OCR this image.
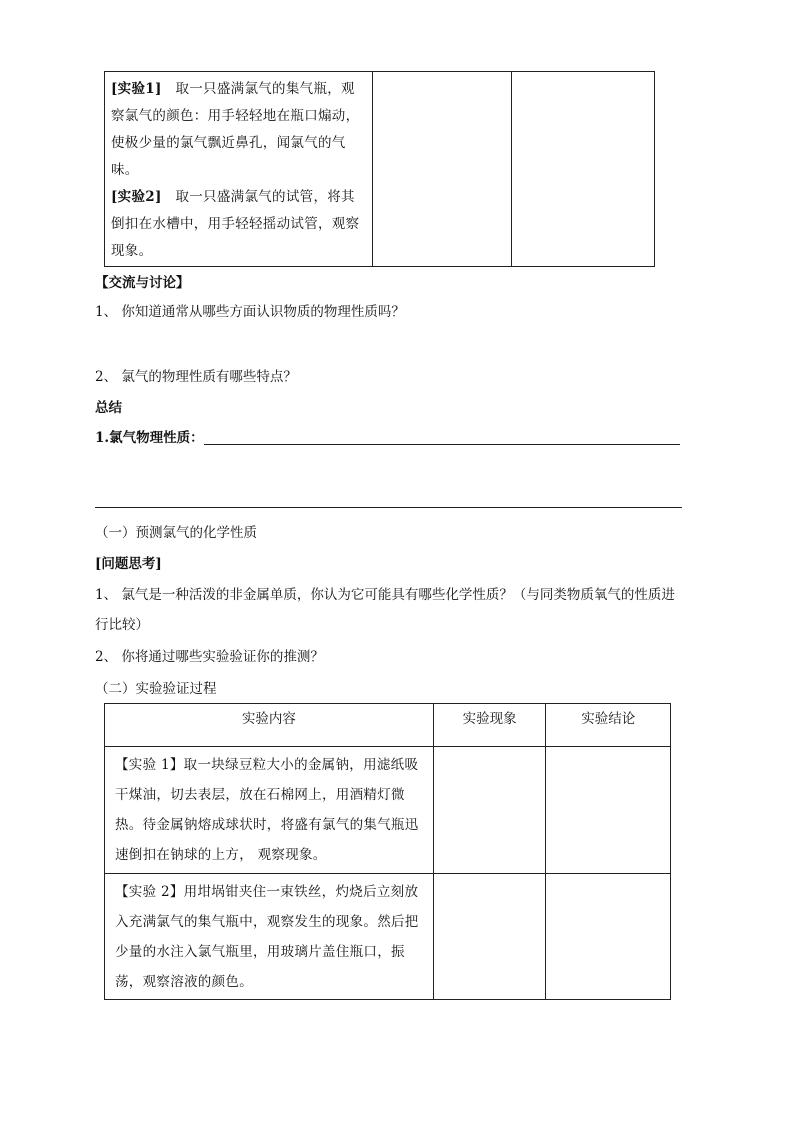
[实验1] 取一只盛满氯气的集气瓶，观察氯气的颜色：用手轻轻地在瓶口煽动，使极少量的氯气飘近鼻孔，闻氯气的气味。
[实验2] 取一只盛满氯气的试管，将其倒扣在水槽中，用手轻轻摇动试管，观察现象。

【交流与讨论】
1、 你知道通常从哪些方面认识物质的物理性质吗？
2、 氯气的物理性质有哪些特点？
总结
1.氯气物理性质：
（一）预测氯气的化学性质
[问题思考]
1、 氯气是一种活泼的非金属单质，你认为它可能具有哪些化学性质？（与同类物质氧气的性质进
行比较）
2、 你将通过哪些实验验证你的推测？
（二）实验验证过程
实验内容	实验现象	实验结论

【实验 1】取一块绿豆粒大小的金属钠，用滤纸吸干煤油，切去表层，放在石棉网上，用酒精灯微热。待金属钠熔成球状时，将盛有氯气的集气瓶迅速倒扣在钠球的上方， 观察现象。		

【实验 2】用坩埚钳夹住一束铁丝，灼烧后立刻放入充满氯气的集气瓶中，观察发生的现象。然后把少量的水注入氯气瓶里，用玻璃片盖住瓶口，振荡，观察溶液的颜色。		
